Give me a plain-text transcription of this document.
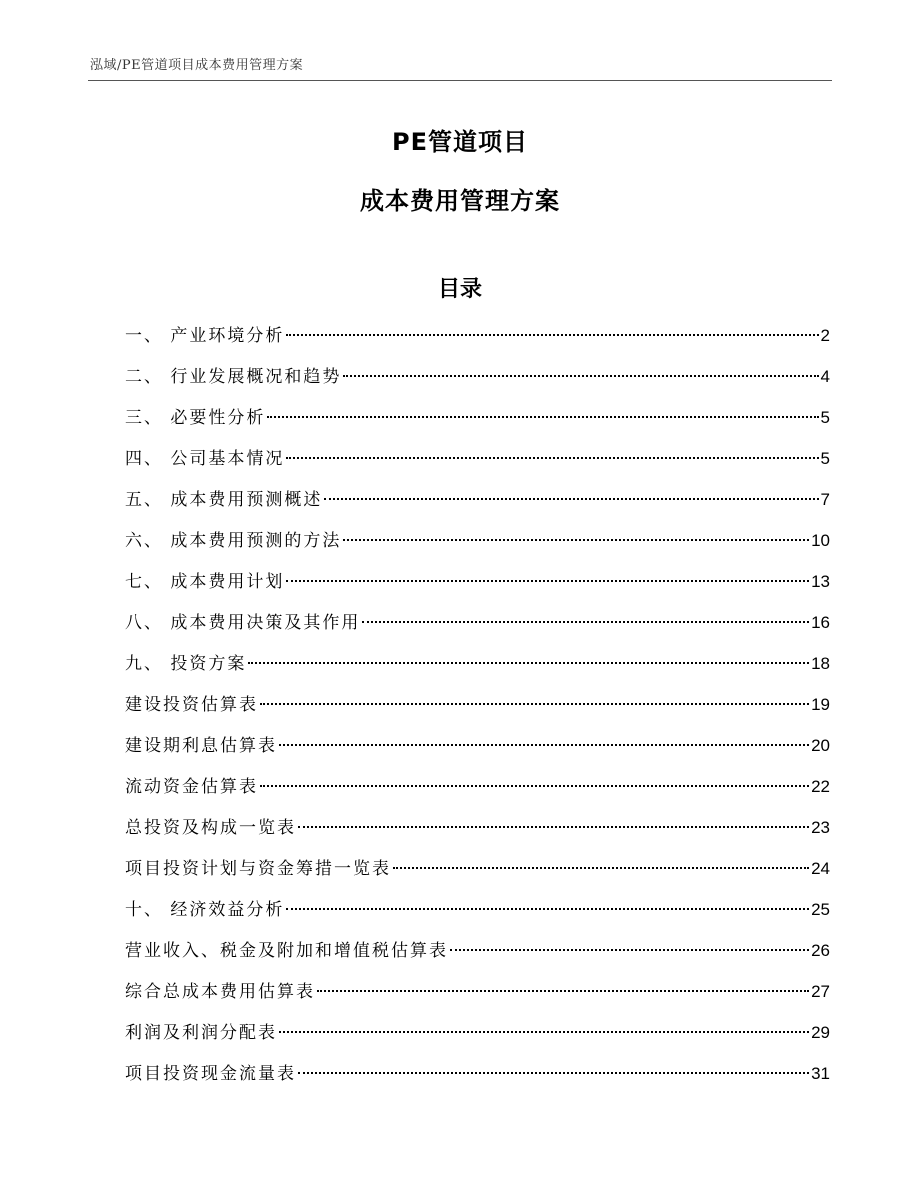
泓域/PE管道项目成本费用管理方案
PE管道项目
成本费用管理方案
目录
一、 产业环境分析	2
二、 行业发展概况和趋势	4
三、 必要性分析	5
四、 公司基本情况	5
五、 成本费用预测概述	7
六、 成本费用预测的方法	10
七、 成本费用计划	13
八、 成本费用决策及其作用	16
九、 投资方案	18
建设投资估算表	19
建设期利息估算表	20
流动资金估算表	22
总投资及构成一览表	23
项目投资计划与资金筹措一览表	24
十、 经济效益分析	25
营业收入、税金及附加和增值税估算表	26
综合总成本费用估算表	27
利润及利润分配表	29
项目投资现金流量表	31
